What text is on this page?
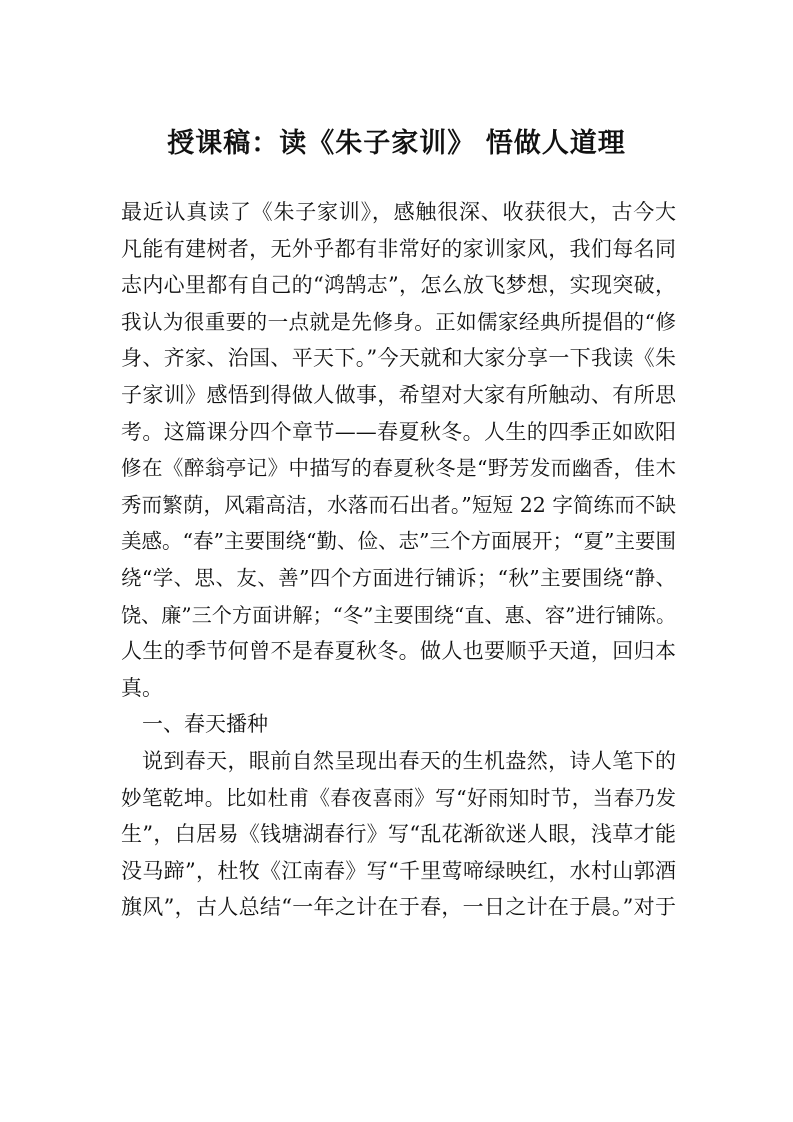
授课稿：读《朱子家训》 悟做人道理
最近认真读了《朱子家训》，感触很深、收获很大，古今大
凡能有建树者，无外乎都有非常好的家训家风，我们每名同
志内心里都有自己的“鸿鹄志”，怎么放飞梦想，实现突破，
我认为很重要的一点就是先修身。正如儒家经典所提倡的“修
身、齐家、治国、平天下。”今天就和大家分享一下我读《朱
子家训》感悟到得做人做事，希望对大家有所触动、有所思
考。这篇课分四个章节——春夏秋冬。人生的四季正如欧阳
修在《醉翁亭记》中描写的春夏秋冬是“野芳发而幽香，佳木
秀而繁荫，风霜高洁，水落而石出者。”短短 22 字简练而不缺
美感。“春”主要围绕“勤、俭、志”三个方面展开；“夏”主要围
绕“学、思、友、善”四个方面进行铺诉；“秋”主要围绕“静、
饶、廉”三个方面讲解；“冬”主要围绕“直、惠、容”进行铺陈。
人生的季节何曾不是春夏秋冬。做人也要顺乎天道，回归本
真。
一、春天播种
说到春天，眼前自然呈现出春天的生机盎然，诗人笔下的
妙笔乾坤。比如杜甫《春夜喜雨》写“好雨知时节，当春乃发
生”，白居易《钱塘湖春行》写“乱花渐欲迷人眼，浅草才能
没马蹄”，杜牧《江南春》写“千里莺啼绿映红，水村山郭酒
旗风”，古人总结“一年之计在于春，一日之计在于晨。”对于
